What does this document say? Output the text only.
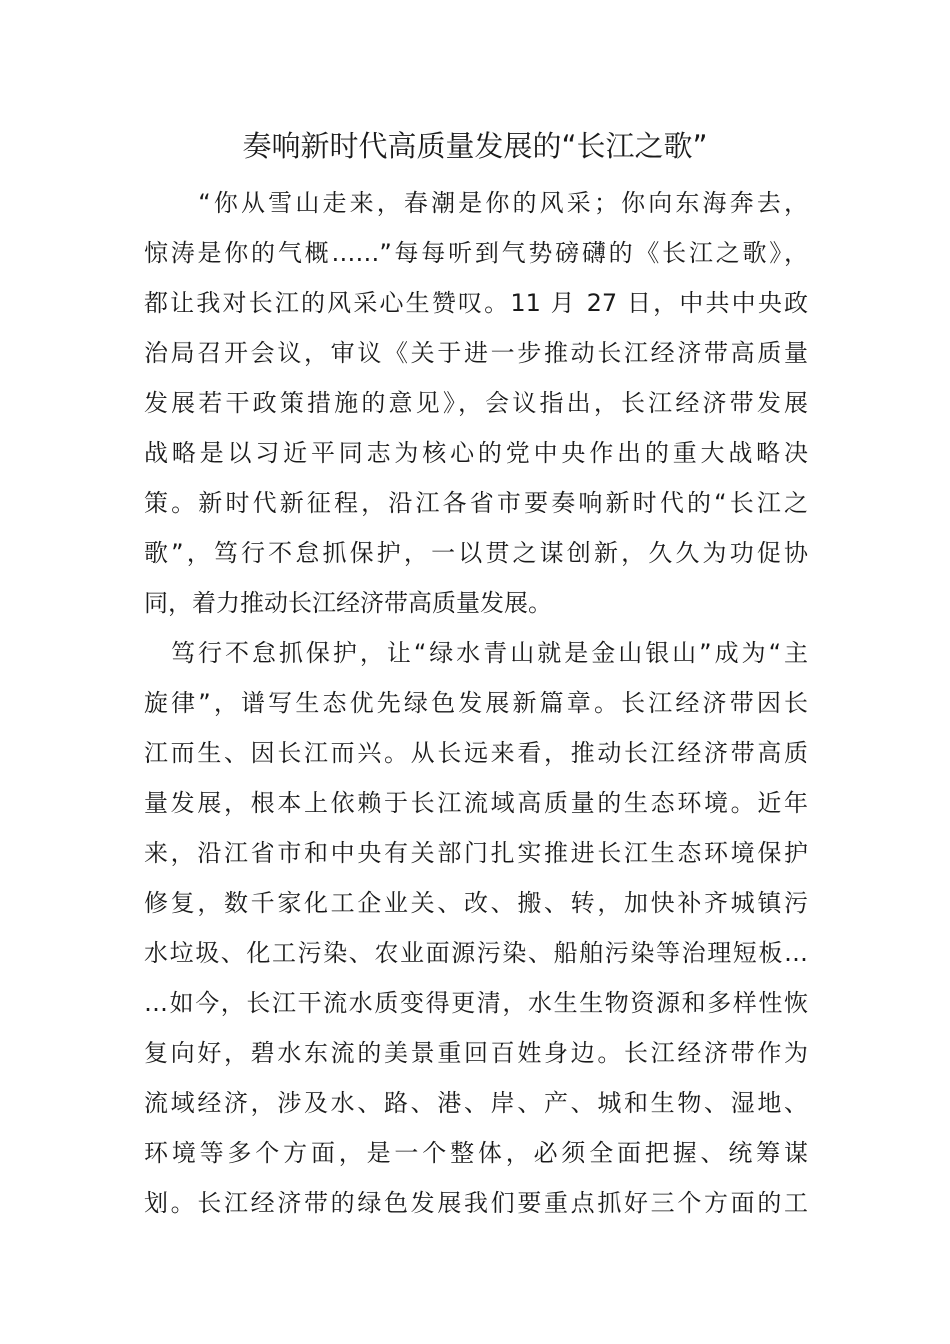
奏响新时代高质量发展的“长江之歌”
　　“你从雪山走来，春潮是你的风采；你向东海奔去，
惊涛是你的气概……”每每听到气势磅礴的《长江之歌》，
都让我对长江的风采心生赞叹。11 月 27 日，中共中央政
治局召开会议，审议《关于进一步推动长江经济带高质量
发展若干政策措施的意见》，会议指出，长江经济带发展
战略是以习近平同志为核心的党中央作出的重大战略决
策。新时代新征程，沿江各省市要奏响新时代的“长江之
歌”，笃行不怠抓保护，一以贯之谋创新，久久为功促协
同，着力推动长江经济带高质量发展。
　笃行不怠抓保护，让“绿水青山就是金山银山”成为“主
旋律”，谱写生态优先绿色发展新篇章。长江经济带因长
江而生、因长江而兴。从长远来看，推动长江经济带高质
量发展，根本上依赖于长江流域高质量的生态环境。近年
来，沿江省市和中央有关部门扎实推进长江生态环境保护
修复，数千家化工企业关、改、搬、转，加快补齐城镇污
水垃圾、化工污染、农业面源污染、船舶污染等治理短板…
…如今，长江干流水质变得更清，水生生物资源和多样性恢
复向好，碧水东流的美景重回百姓身边。长江经济带作为
流域经济，涉及水、路、港、岸、产、城和生物、湿地、
环境等多个方面，是一个整体，必须全面把握、统筹谋
划。长江经济带的绿色发展我们要重点抓好三个方面的工
